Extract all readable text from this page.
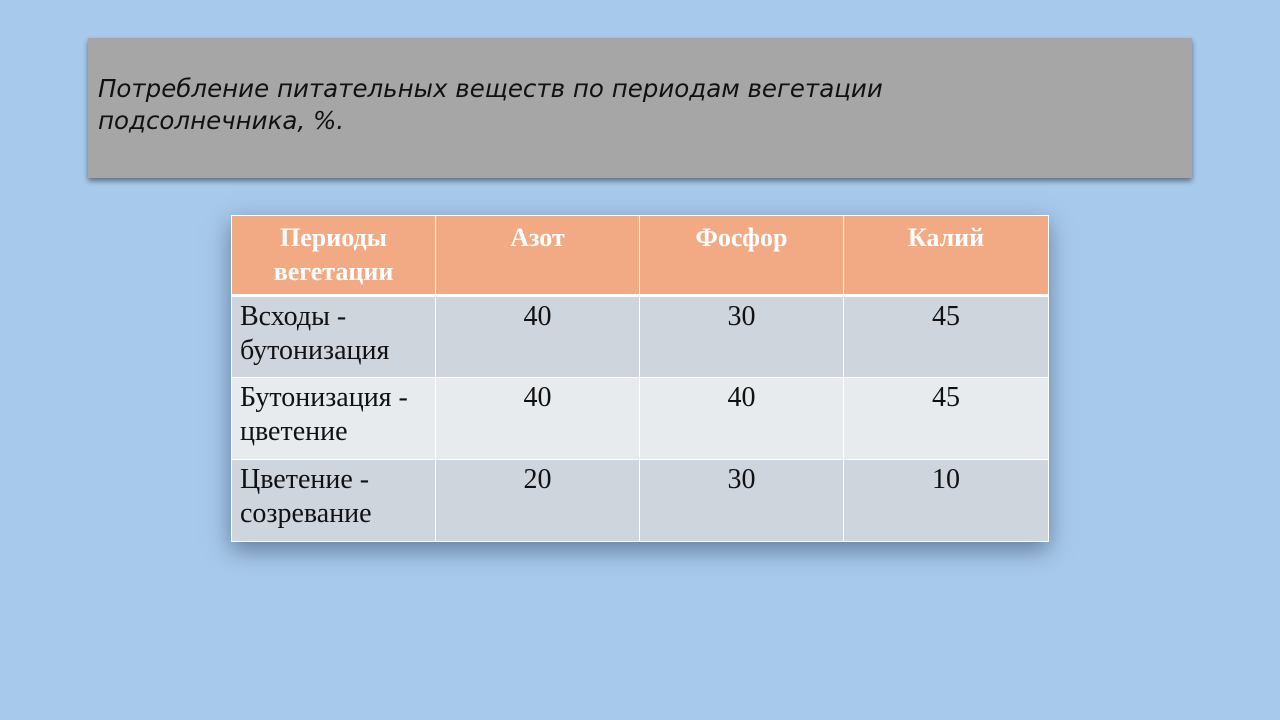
Потребление питательных веществ по периодам вегетации подсолнечника, %.

Периоды вегетации	Азот	Фосфор	Калий
Всходы - бутонизация	40	30	45
Бутонизация - цветение	40	40	45
Цветение - созревание	20	30	10
